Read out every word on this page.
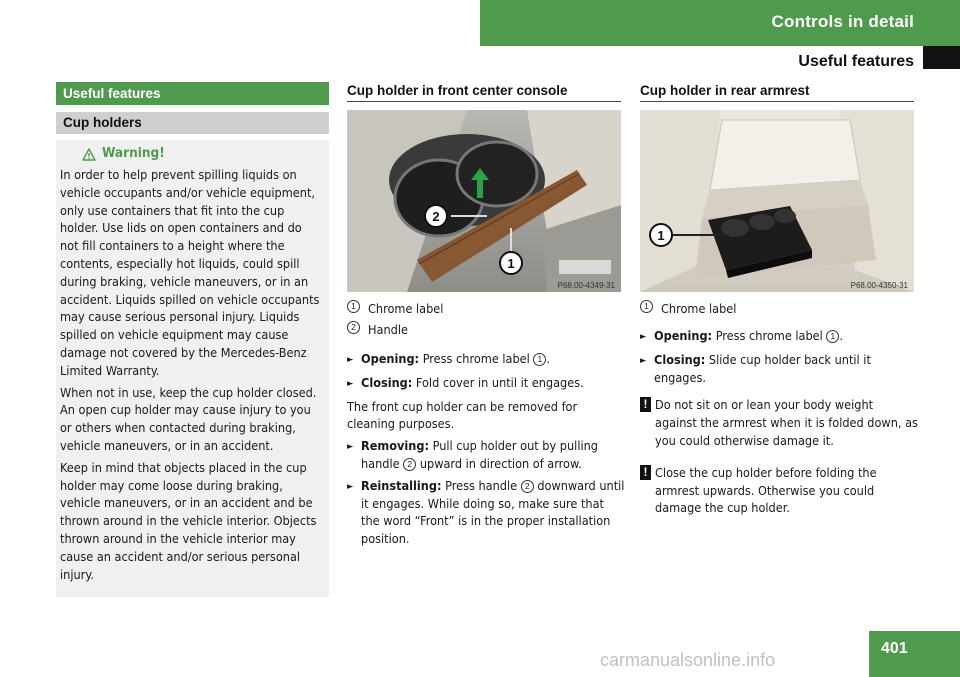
Controls in detail
Useful features
Useful features
Cup holders
Warning!

In order to help prevent spilling liquids on vehicle occupants and/or vehicle equipment, only use containers that fit into the cup holder. Use lids on open containers and do not fill containers to a height where the contents, especially hot liquids, could spill during braking, vehicle maneuvers, or in an accident. Liquids spilled on vehicle occupants may cause serious personal injury. Liquids spilled on vehicle equipment may cause damage not covered by the Mercedes-Benz Limited Warranty.

When not in use, keep the cup holder closed. An open cup holder may cause injury to you or others when contacted during braking, vehicle maneuvers, or in an accident.

Keep in mind that objects placed in the cup holder may come loose during braking, vehicle maneuvers, or in an accident and be thrown around in the vehicle interior. Objects thrown around in the vehicle interior may cause an accident and/or serious personal injury.

Cup holder in front center console
2
1
P68.00-4349-31
1 Chrome label
2 Handle
► Opening: Press chrome label 1 .
► Closing: Fold cover in until it engages.

The front cup holder can be removed for cleaning purposes.

► Removing: Pull cup holder out by pulling handle 2 upward in direction of arrow.
► Reinstalling: Press handle 2 downward until it engages. While doing so, make sure that the word “Front” is in the proper installation position.
Cup holder in rear armrest
1
P68.00-4350-31
1 Chrome label
► Opening: Press chrome label 1 .
► Closing: Slide cup holder back until it engages.
! Do not sit on or lean your body weight against the armrest when it is folded down, as you could otherwise damage it.
! Close the cup holder before folding the armrest upwards. Otherwise you could damage the cup holder.
401
carmanualsonline.info
